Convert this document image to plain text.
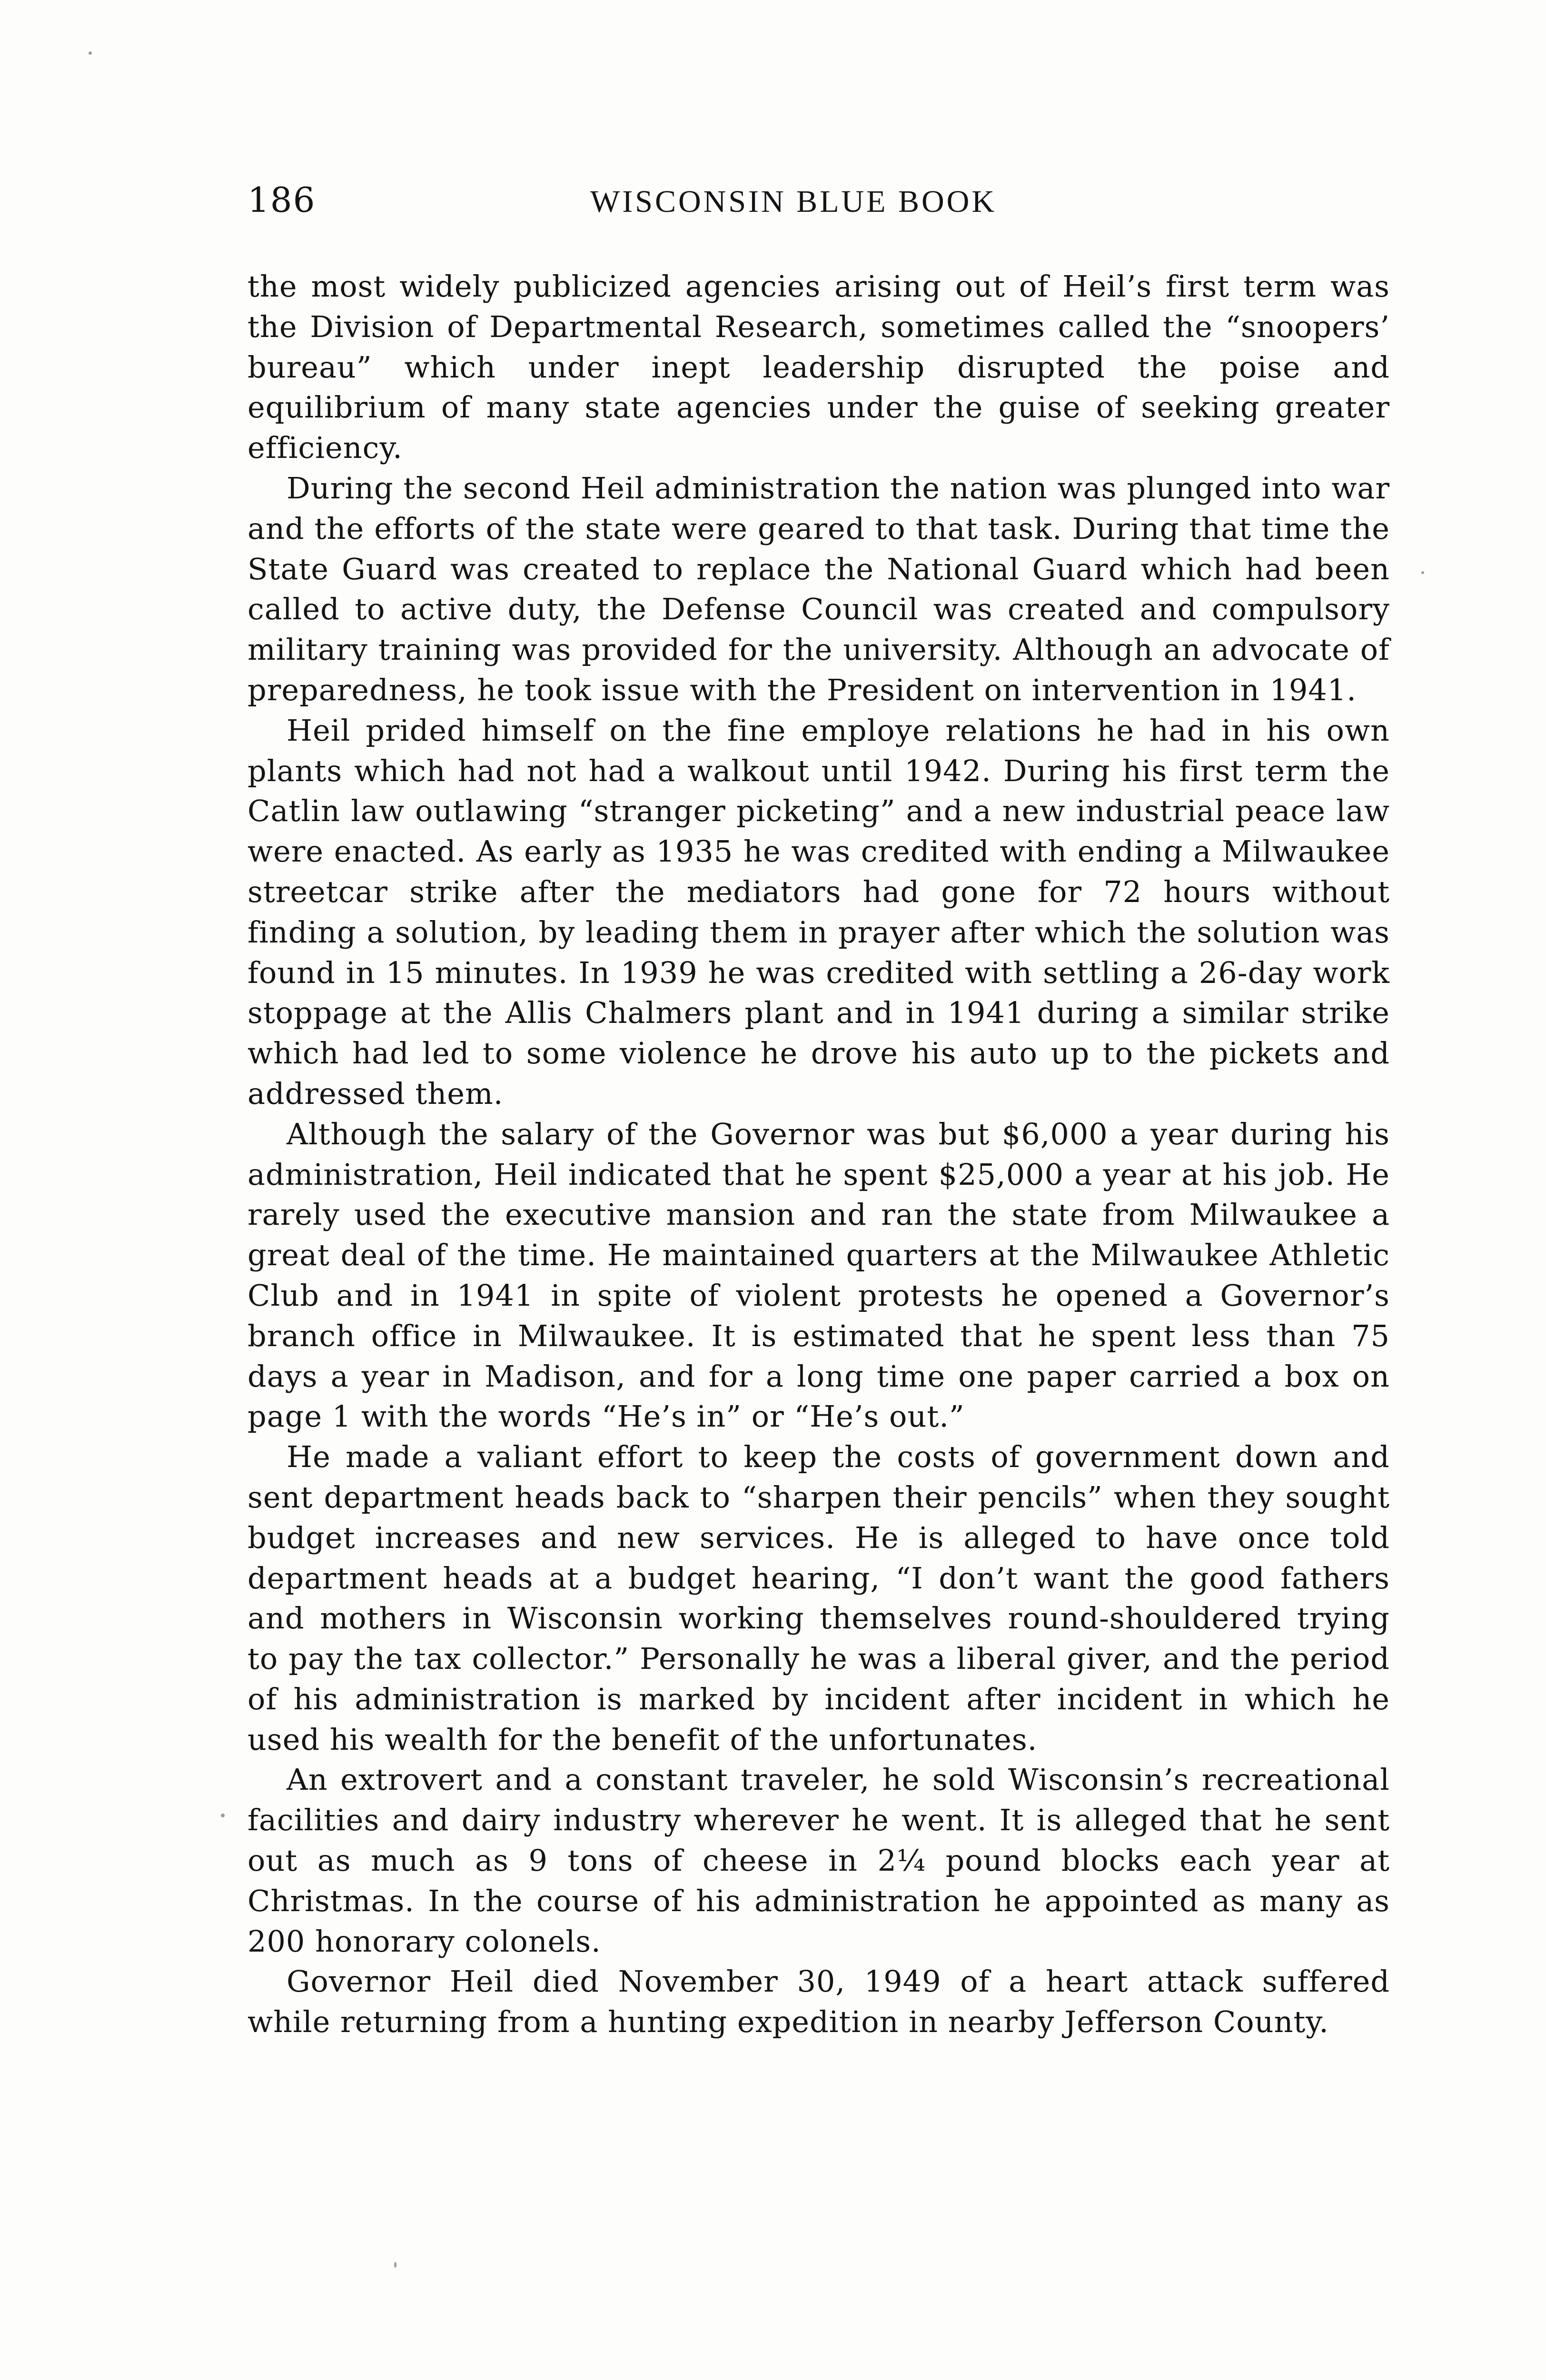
186	WISCONSIN BLUE BOOK

the most widely publicized agencies arising out of Heil’s first term was the Division of Departmental Research, sometimes called the “snoopers’ bureau” which under inept leadership disrupted the poise and equilibrium of many state agencies under the guise of seeking greater efficiency.

During the second Heil administration the nation was plunged into war and the efforts of the state were geared to that task. During that time the State Guard was created to replace the National Guard which had been called to active duty, the Defense Council was created and compulsory military training was provided for the university. Although an advocate of preparedness, he took issue with the President on intervention in 1941.

Heil prided himself on the fine employe relations he had in his own plants which had not had a walkout until 1942. During his first term the Catlin law outlawing “stranger picketing” and a new industrial peace law were enacted. As early as 1935 he was credited with ending a Milwaukee streetcar strike after the mediators had gone for 72 hours without finding a solution, by leading them in prayer after which the solution was found in 15 minutes. In 1939 he was credited with settling a 26-day work stoppage at the Allis Chalmers plant and in 1941 during a similar strike which had led to some violence he drove his auto up to the pickets and addressed them.

Although the salary of the Governor was but $6,000 a year during his administration, Heil indicated that he spent $25,000 a year at his job. He rarely used the executive mansion and ran the state from Milwaukee a great deal of the time. He maintained quarters at the Milwaukee Athletic Club and in 1941 in spite of violent protests he opened a Governor’s branch office in Milwaukee. It is estimated that he spent less than 75 days a year in Madison, and for a long time one paper carried a box on page 1 with the words “He’s in” or “He’s out.”

He made a valiant effort to keep the costs of government down and sent department heads back to “sharpen their pencils” when they sought budget increases and new services. He is alleged to have once told department heads at a budget hearing, “I don’t want the good fathers and mothers in Wisconsin working themselves round-shouldered trying to pay the tax collector.” Personally he was a liberal giver, and the period of his administration is marked by incident after incident in which he used his wealth for the benefit of the unfortunates.

An extrovert and a constant traveler, he sold Wisconsin’s recreational facilities and dairy industry wherever he went. It is alleged that he sent out as much as 9 tons of cheese in 2¼ pound blocks each year at Christmas. In the course of his administration he appointed as many as 200 honorary colonels.

Governor Heil died November 30, 1949 of a heart attack suffered while returning from a hunting expedition in nearby Jefferson County.
